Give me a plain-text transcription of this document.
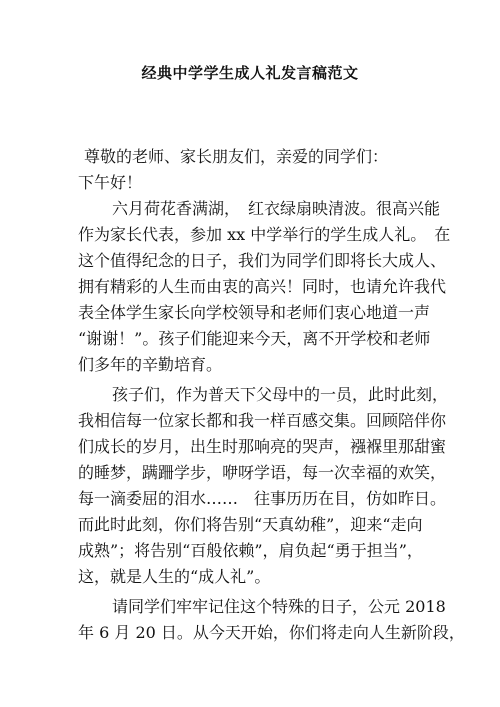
经典中学学生成人礼发言稿范文
尊敬的老师、家长朋友们，亲爱的同学们：
下午好！
六月荷花香满湖，　红衣绿扇映清波。很高兴能
作为家长代表，参加 xx 中学举行的学生成人礼。　在
这个值得纪念的日子，我们为同学们即将长大成人、
拥有精彩的人生而由衷的高兴！同时，也请允许我代
表全体学生家长向学校领导和老师们衷心地道一声
“谢谢！”。孩子们能迎来今天，离不开学校和老师
们多年的辛勤培育。
孩子们，作为普天下父母中的一员，此时此刻，
我相信每一位家长都和我一样百感交集。回顾陪伴你
们成长的岁月，出生时那响亮的哭声，襁褓里那甜蜜
的睡梦，蹒跚学步，咿呀学语，每一次幸福的欢笑，
每一滴委屈的泪水……　往事历历在目，仿如昨日。
而此时此刻，你们将告别“天真幼稚”，迎来“走向
成熟”；将告别“百般依赖”，肩负起“勇于担当”，
这，就是人生的“成人礼”。
请同学们牢牢记住这个特殊的日子，公元 2018
年 6 月 20 日。从今天开始，你们将走向人生新阶段，
